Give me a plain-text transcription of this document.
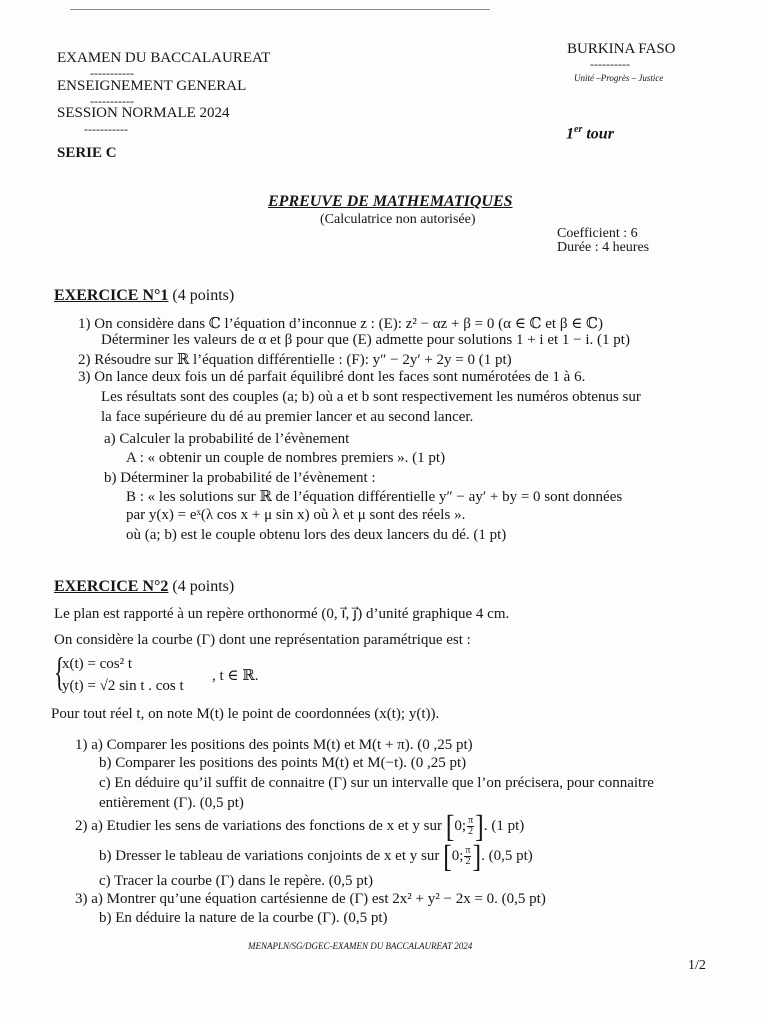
EXAMEN DU BACCALAUREAT
-----------
ENSEIGNEMENT GENERAL
-----------
SESSION NORMALE 2024
-----------
SERIE C
BURKINA FASO
----------
Unité –Progrès – Justice
1er tour
EPREUVE DE MATHEMATIQUES
(Calculatrice non autorisée)
Coefficient : 6
Durée : 4 heures
EXERCICE N°1 (4 points)
1) On considère dans ℂ l’équation d’inconnue z : (E): z² − αz + β = 0 (α ∈ ℂ et β ∈ ℂ)
Déterminer les valeurs de α et β pour que (E) admette pour solutions 1 + i et 1 − i. (1 pt)
2) Résoudre sur ℝ l’équation différentielle : (F): y″ − 2y′ + 2y = 0 (1 pt)
3) On lance deux fois un dé parfait équilibré dont les faces sont numérotées de 1 à 6.
Les résultats sont des couples (a; b) où a et b sont respectivement les numéros obtenus sur
la face supérieure du dé au premier lancer et au second lancer.
a) Calculer la probabilité de l’évènement
A : « obtenir un couple de nombres premiers ». (1 pt)
b) Déterminer la probabilité de l’évènement :
B : « les solutions sur ℝ de l’équation différentielle y″ − ay′ + by = 0 sont données
par y(x) = eˣ(λ cos x + μ sin x) où λ et μ sont des réels ».
où (a; b) est le couple obtenu lors des deux lancers du dé. (1 pt)
EXERCICE N°2 (4 points)
Le plan est rapporté à un repère orthonormé (0, i⃗, j⃗) d’unité graphique 4 cm.
On considère la courbe (Γ) dont une représentation paramétrique est :
{
x(t) = cos² t
y(t) = √2 sin t . cos t
, t ∈ ℝ.
Pour tout réel t, on note M(t) le point de coordonnées (x(t); y(t)).
1) a) Comparer les positions des points M(t) et M(t + π). (0 ,25 pt)
b) Comparer les positions des points M(t) et M(−t). (0 ,25 pt)
c) En déduire qu’il suffit de connaitre (Γ) sur un intervalle que l’on précisera, pour connaitre
entièrement (Γ). (0,5 pt)
2) a) Etudier les sens de variations des fonctions de x et y sur [0; $\frac{\pi}{2}$ ]. (1 pt)
b) Dresser le tableau de variations conjoints de x et y sur [0; $\frac{\pi}{2}$ ]. (0,5 pt)
c) Tracer la courbe (Γ) dans le repère. (0,5 pt)
3) a) Montrer qu’une équation cartésienne de (Γ) est 2x² + y² − 2x = 0. (0,5 pt)
b) En déduire la nature de la courbe (Γ). (0,5 pt)
MENAPLN/SG/DGEC-EXAMEN DU BACCALAUREAT 2024
1/2
